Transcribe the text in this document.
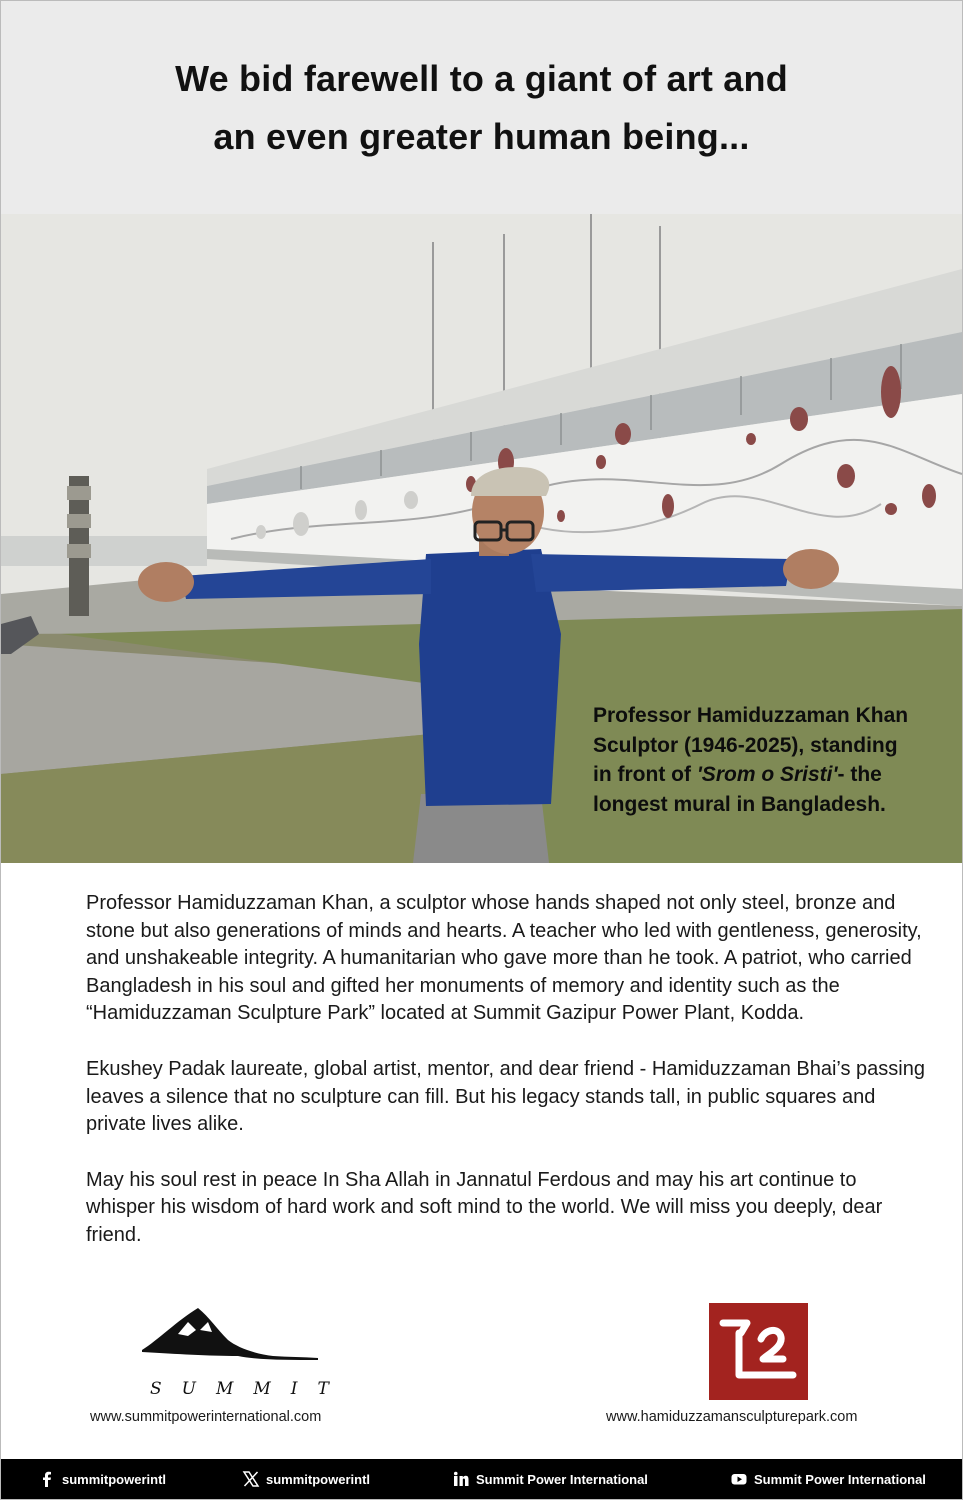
We bid farewell to a giant of art and
an even greater human being...
Professor Hamiduzzaman Khan
Sculptor (1946-2025), standing
in front of 'Srom o Sristi'- the
longest mural in Bangladesh.

Professor Hamiduzzaman Khan, a sculptor whose hands shaped not only steel, bronze and stone but also generations of minds and hearts. A teacher who led with gentleness, generosity, and unshakeable integrity. A humanitarian who gave more than he took. A patriot, who carried Bangladesh in his soul and gifted her monuments of memory and identity such as the “Hamiduzzaman Sculpture Park” located at Summit Gazipur Power Plant, Kodda.

Ekushey Padak laureate, global artist, mentor, and dear friend - Hamiduzzaman Bhai’s passing leaves a silence that no sculpture can fill. But his legacy stands tall, in public squares and private lives alike.

May his soul rest in peace In Sha Allah in Jannatul Ferdous and may his art continue to whisper his wisdom of hard work and soft mind to the world. We will miss you deeply, dear friend.

SUMMIT
www.summitpowerinternational.com	www.hamiduzzamansculpturepark.com
summitpowerintl	summitpowerintl	Summit Power International	Summit Power International
